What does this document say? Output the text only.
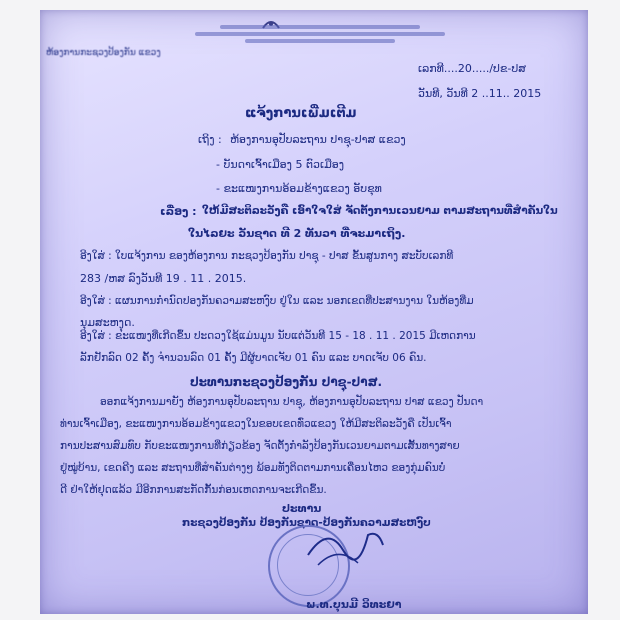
ຫ້ອງການກະຊວງປ້ອງກັນ ແຂວງ
ເລກທີ....20...../ປຂ-ປສ
ວັນທີ, ວັນທີ 2 ..11.. 2015
ແຈ້ງການເພີ່ມເຕີມ
ເຖິງ : ຫ້ອງການອຸປັບລະຖານ ປາຊຸ-ປາສ ແຂວງ
- ບັນດາເຈົ້າເມືອງ 5 ຕົວເມືອງ
- ຂະແໜງການອ້ອມຂ້າງແຂວງ ອັບຂຸທ
ເລື່ອງ : ໃຫ້ມີສະຕິລະວັງຄື ເອົາໃຈໃສ່ ຈັດຕັ້ງການເວນຍາມ ຕາມສະຖານທີ່ສຳຄັນໃນ
ໃນໄລຍະ ວັນຊາດ ທີ 2 ທັນວາ ທີ່ຈະມາເຖິງ.
ອີງໃສ່ : ໃບແຈ້ງການ ຂອງຫ້ອງການ ກະຊວງປ້ອງກັນ ປາຊຸ - ປາສ ຂັ້ນສູນກາງ ສະບັບເລກທີ
283 /ຫສ ລົງວັນທີ 19 . 11 . 2015.
ອີງໃສ່ : ແຜນການກຳນົດປອງກັນຄວາມສະຫງົບ ຢູ່ໃນ ແລະ ນອກເຂດທີ່ປະສານງານ ໃນຫ້ອງທີ່ມ
ນຸມສະຫງຸດ.
ອີງໃສ່ : ຂະແໜງທີ່ເກີດຂຶ້ນ ປະດວງໃຊ້ແມ່ນມູນ ນັບແຕ່ວັນທີ 15 - 18 . 11 . 2015 ມີເຫດການ
ລັກຢັກລົດ 02 ຄັ້ງ ຈຳນວນລົດ 01 ຄັ້ງ ມີຜູ້ບາດເຈັບ 01 ຄົນ ແລະ ບາດເຈັບ 06 ຄົນ.
ປະທານກະຊວງປ້ອງກັນ ປາຊຸ-ປາສ.
ອອກແຈ້ງການມາຍັງ ຫ້ອງການອຸປັບລະຖານ ປາຊຸ, ຫ້ອງການອຸປັບລະຖານ ປາສ ແຂວງ ປັນດາ
ທ່ານເຈົ້າເມືອງ, ຂະແໜງການອ້ອມຂ້າງແຂວງໃນຂອບເຂດທົ່ວແຂວງ ໃຫ້ມີສະຕິລະວັງຄື ເປັນເຈົ້າ
ການປະສານສົມທົບ ກັບຂະແໜງການທີ່ກ່ຽວຂ້ອງ ຈັດຕັ້ງກຳລັງປ້ອງກັນເວນຍາມຕາມເສັ້ນທາງສາຍ
ຢູ່ໝູ່ບ້ານ, ເຂດຄີງ ແລະ ສະຖານທີ່ສຳຄັນຕ່າງໆ ພ້ອມທັງຕິດຕາມການເຄື່ອນໄຫວ ຂອງກຸ່ມຄົນບໍ່
ດີ ຢ່າໃຫ້ຢຸດແລ້ວ ມີອີກການສະກັດກັ້ນກ່ອນເຫດການຈະເກີດຂຶ້ນ.
ປະທານ
ກະຊວງປ້ອງກັນ ປ້ອງກັນຊາດ-ປ້ອງກັນຄວາມສະຫງົບ
ພ.ທ.ບຸນມີ ວິທະຍາ
